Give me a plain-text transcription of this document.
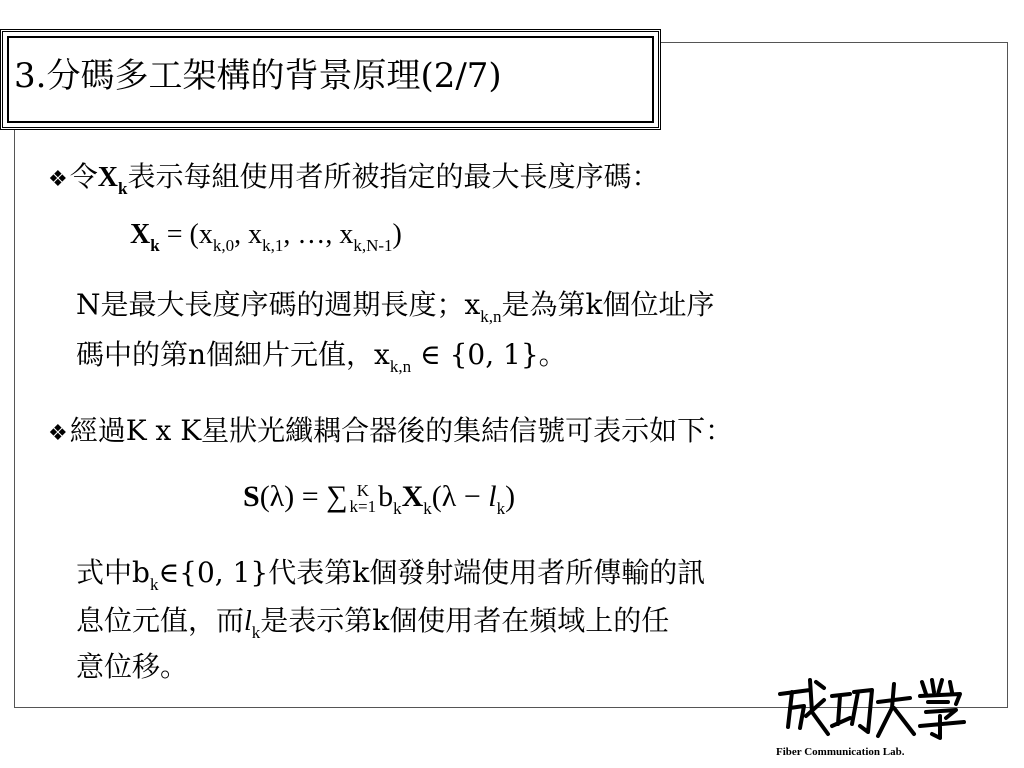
3.分碼多工架構的背景原理(2/7)
❖令$X_k$表示每組使用者所被指定的最大長度序碼：
$X_k = (x_{k,0}$, $x_{k,1}$, …, $x_{k,N-1}$)
N是最大長度序碼的週期長度；$x_{k,n}$是為第k個位址序
碼中的第n個細片元值，$x_{k,n}$ ∈ {0, 1}。
❖經過K x K星狀光纖耦合器後的集結信號可表示如下：
S(λ) = ∑ K
$k=1b_kX_k(\lambda - l_k)$
式中$b_k\in\{0$, 1}代表第k個發射端使用者所傳輸的訊
息位元值，而$l_k$是表示第k個使用者在頻域上的任
意位移。
Fiber Communication Lab.
